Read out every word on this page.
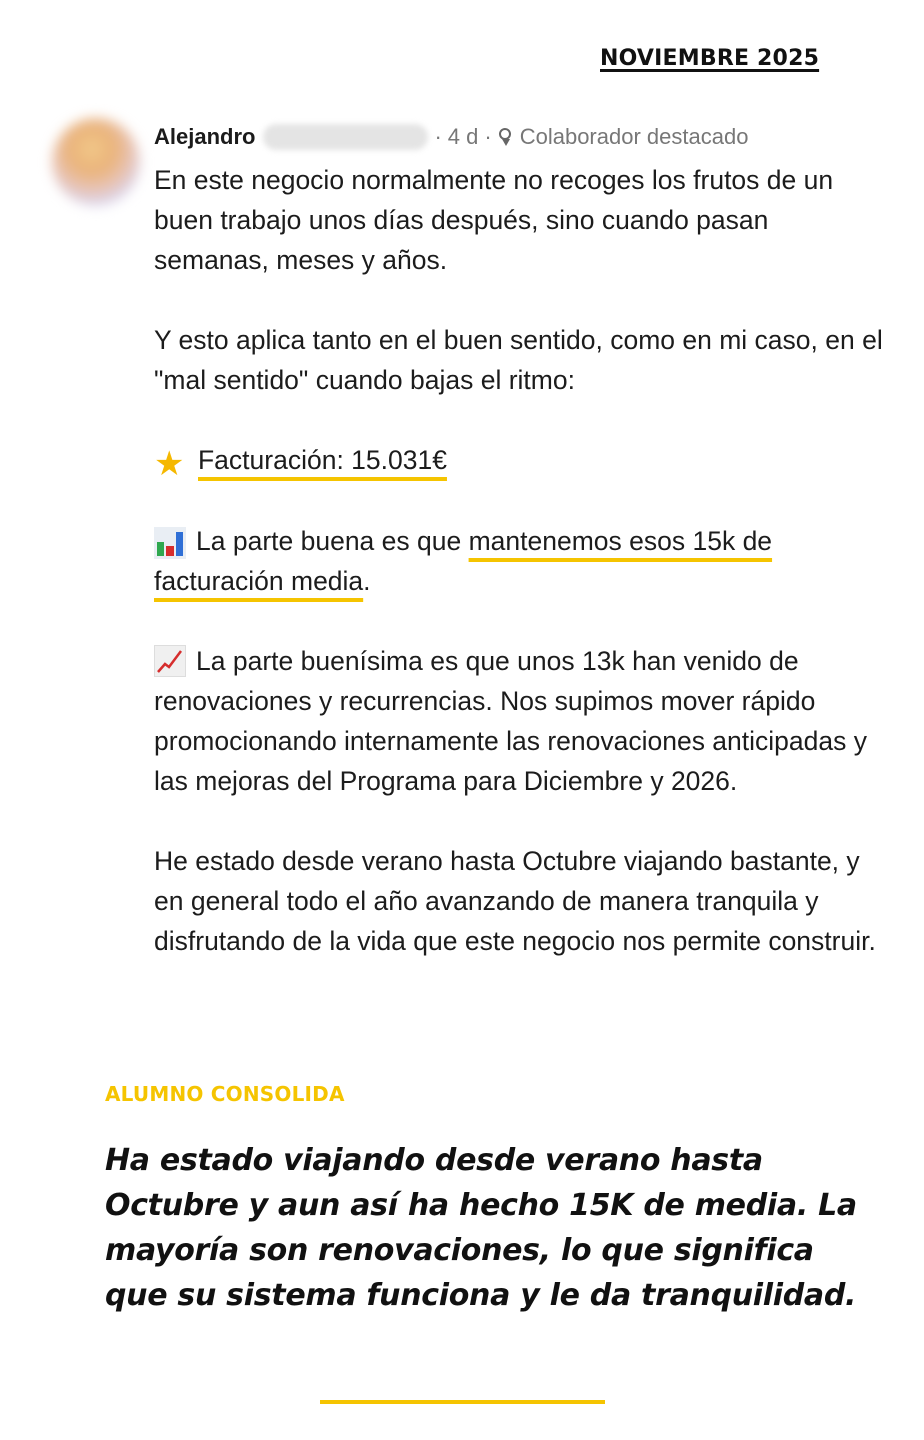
NOVIEMBRE 2025
Alejandro	· 4 d · Colaborador destacado

En este negocio normalmente no recoges los frutos de un buen trabajo unos días después, sino cuando pasan semanas, meses y años.

Y esto aplica tanto en el buen sentido, como en mi caso, en el "mal sentido" cuando bajas el ritmo:

★ Facturación: 15.031€

La parte buena es que mantenemos esos 15k de facturación media.

La parte buenísima es que unos 13k han venido de renovaciones y recurrencias. Nos supimos mover rápido promocionando internamente las renovaciones anticipadas y las mejoras del Programa para Diciembre y 2026.

He estado desde verano hasta Octubre viajando bastante, y en general todo el año avanzando de manera tranquila y disfrutando de la vida que este negocio nos permite construir.

ALUMNO CONSOLIDA
Ha estado viajando desde verano hasta Octubre y aun así ha hecho 15K de media. La mayoría son renovaciones, lo que significa que su sistema funciona y le da tranquilidad.
